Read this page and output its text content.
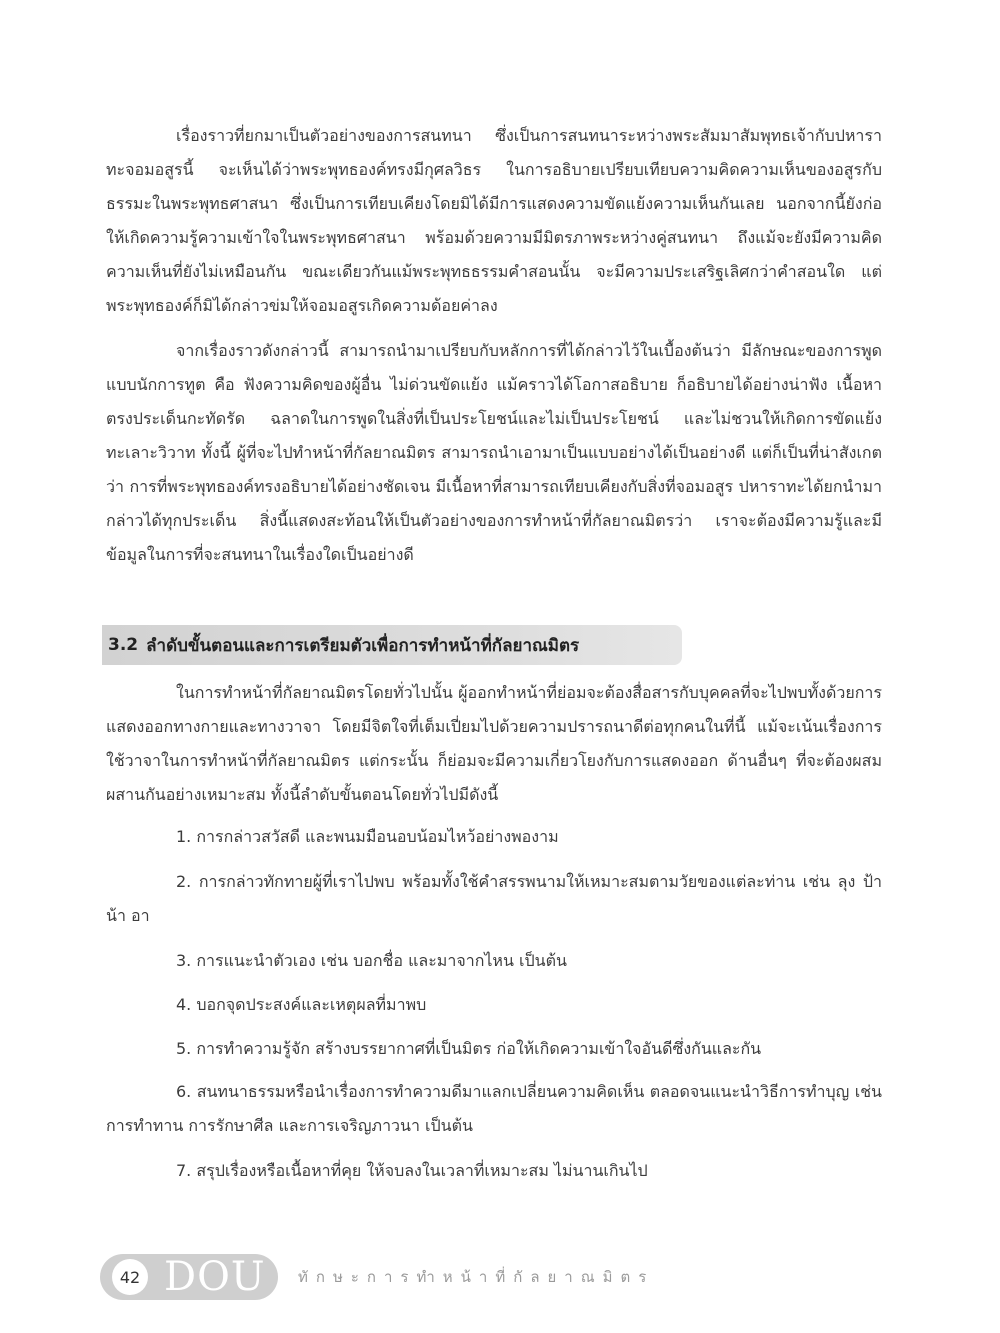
เรื่องราวที่ยกมาเป็นตัวอย่างของการสนทนา ซึ่งเป็นการสนทนาระหว่างพระสัมมาสัมพุทธเจ้ากับปหาราทะจอมอสูรนี้ จะเห็นได้ว่าพระพุทธองค์ทรงมีกุศลวิธร ในการอธิบายเปรียบเทียบความคิดความเห็นของอสูรกับธรรมะในพระพุทธศาสนา ซึ่งเป็นการเทียบเคียงโดยมิได้มีการแสดงความขัดแย้งความเห็นกันเลย นอกจากนี้ยังก่อให้เกิดความรู้ความเข้าใจในพระพุทธศาสนา พร้อมด้วยความมีมิตรภาพระหว่างคู่สนทนา ถึงแม้จะยังมีความคิดความเห็นที่ยังไม่เหมือนกัน ขณะเดียวกันแม้พระพุทธธรรมคำสอนนั้น จะมีความประเสริฐเลิศกว่าคำสอนใด แต่พระพุทธองค์ก็มิได้กล่าวข่มให้จอมอสูรเกิดความด้อยค่าลง

จากเรื่องราวดังกล่าวนี้ สามารถนำมาเปรียบกับหลักการที่ได้กล่าวไว้ในเบื้องต้นว่า มีลักษณะของการพูดแบบนักการทูต คือ ฟังความคิดของผู้อื่น ไม่ด่วนขัดแย้ง แม้คราวได้โอกาสอธิบาย ก็อธิบายได้อย่างน่าฟัง เนื้อหาตรงประเด็นกะทัดรัด ฉลาดในการพูดในสิ่งที่เป็นประโยชน์และไม่เป็นประโยชน์ และไม่ชวนให้เกิดการขัดแย้งทะเลาะวิวาท ทั้งนี้ ผู้ที่จะไปทำหน้าที่กัลยาณมิตร สามารถนำเอามาเป็นแบบอย่างได้เป็นอย่างดี แต่ก็เป็นที่น่าสังเกตว่า การที่พระพุทธองค์ทรงอธิบายได้อย่างชัดเจน มีเนื้อหาที่สามารถเทียบเคียงกับสิ่งที่จอมอสูร ปหาราทะได้ยกนำมากล่าวได้ทุกประเด็น สิ่งนี้แสดงสะท้อนให้เป็นตัวอย่างของการทำหน้าที่กัลยาณมิตรว่า เราจะต้องมีความรู้และมีข้อมูลในการที่จะสนทนาในเรื่องใดเป็นอย่างดี

3.2 ลำดับขั้นตอนและการเตรียมตัวเพื่อการทำหน้าที่กัลยาณมิตร

ในการทำหน้าที่กัลยาณมิตรโดยทั่วไปนั้น ผู้ออกทำหน้าที่ย่อมจะต้องสื่อสารกับบุคคลที่จะไปพบทั้งด้วยการแสดงออกทางกายและทางวาจา โดยมีจิตใจที่เต็มเปี่ยมไปด้วยความปรารถนาดีต่อทุกคนในที่นี้ แม้จะเน้นเรื่องการใช้วาจาในการทำหน้าที่กัลยาณมิตร แต่กระนั้น ก็ย่อมจะมีความเกี่ยวโยงกับการแสดงออก ด้านอื่นๆ ที่จะต้องผสมผสานกันอย่างเหมาะสม ทั้งนี้ลำดับขั้นตอนโดยทั่วไปมีดังนี้

1. การกล่าวสวัสดี และพนมมือนอบน้อมไหว้อย่างพองาม

2. การกล่าวทักทายผู้ที่เราไปพบ พร้อมทั้งใช้คำสรรพนามให้เหมาะสมตามวัยของแต่ละท่าน เช่น ลุง ป้า น้า อา

3. การแนะนำตัวเอง เช่น บอกชื่อ และมาจากไหน เป็นต้น

4. บอกจุดประสงค์และเหตุผลที่มาพบ

5. การทำความรู้จัก สร้างบรรยากาศที่เป็นมิตร ก่อให้เกิดความเข้าใจอันดีซึ่งกันและกัน

6. สนทนาธรรมหรือนำเรื่องการทำความดีมาแลกเปลี่ยนความคิดเห็น ตลอดจนแนะนำวิธีการทำบุญ เช่น การทำทาน การรักษาศีล และการเจริญภาวนา เป็นต้น

7. สรุปเรื่องหรือเนื้อหาที่คุย ให้จบลงในเวลาที่เหมาะสม ไม่นานเกินไป

42 DOU ทักษะการทำหน้าที่กัลยาณมิตร
